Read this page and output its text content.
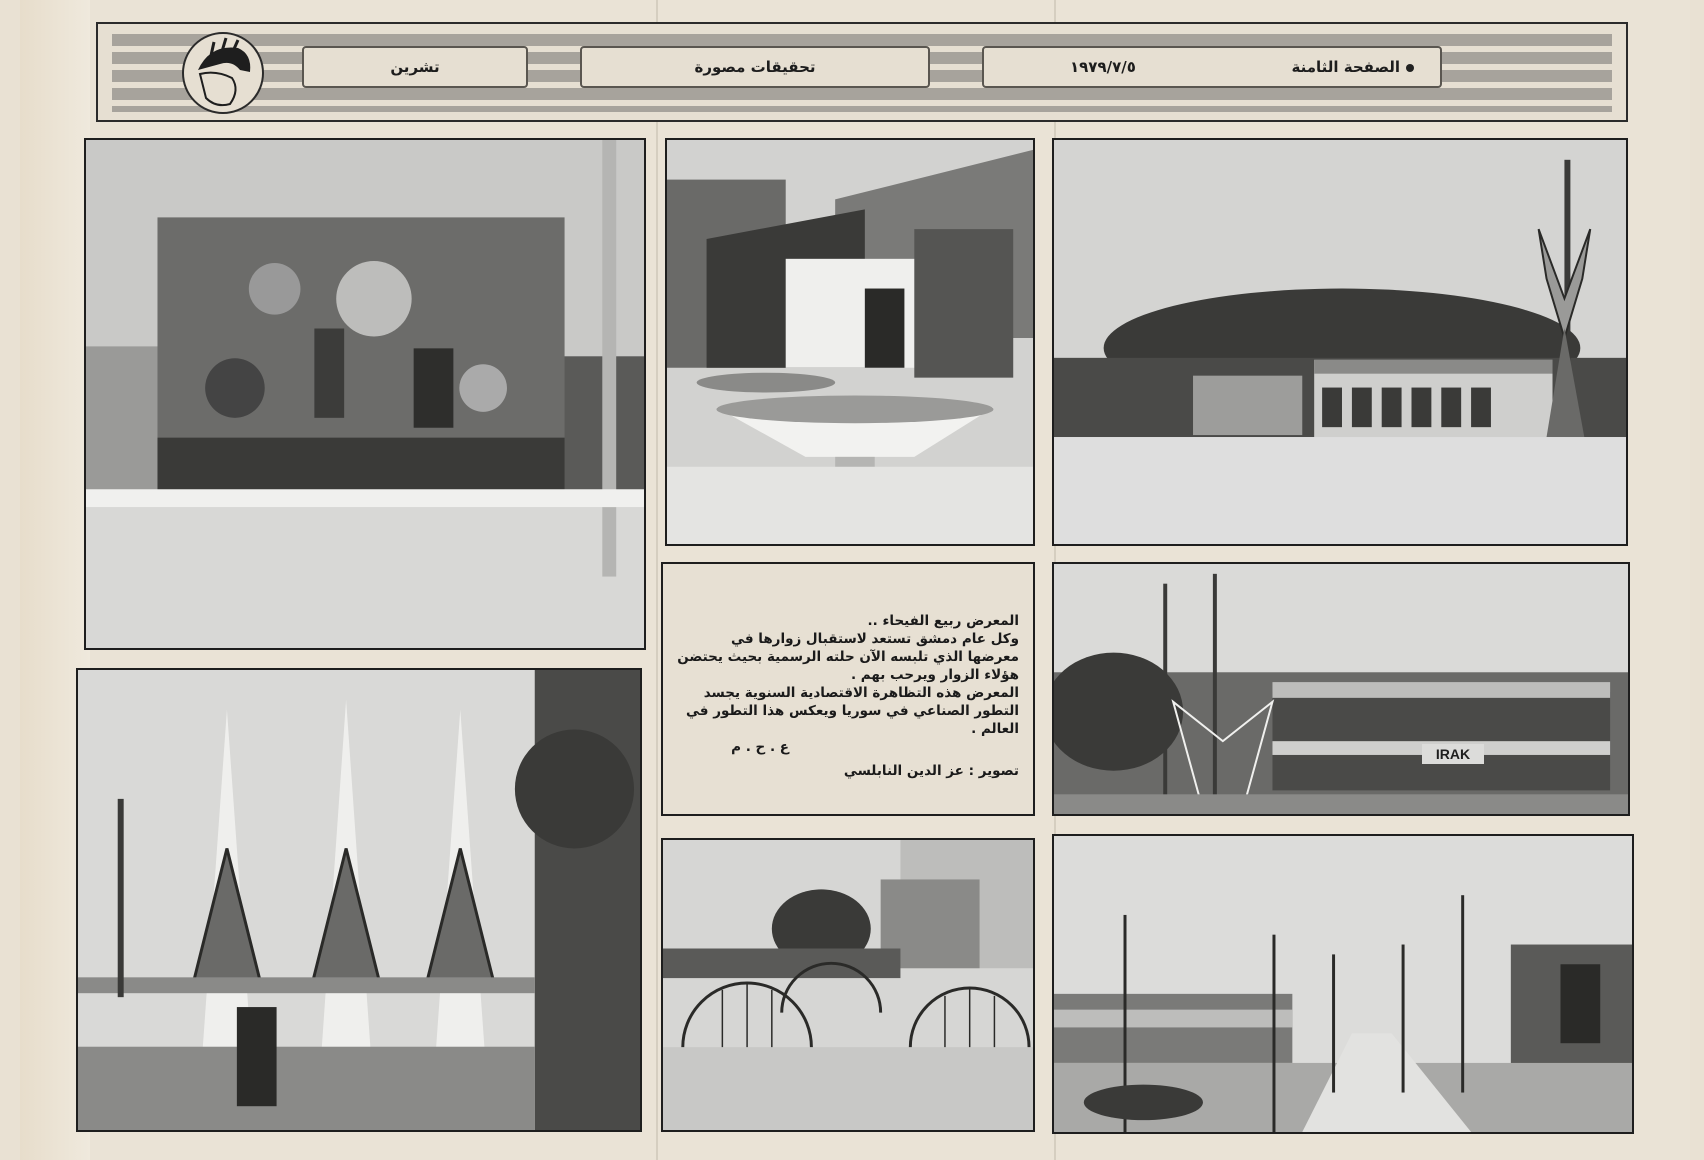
تشرين	تحقيقات مصورة	الصفحة الثامنة
١٩٧٩/٧/٥

المعرض ربيع الفيحاء ..

وكل عام دمشق تستعد لاستقبال زوارها في معرضها الذي تلبسه الآن حلته الرسمية بحيث يحتضن هؤلاء الزوار ويرحب بهم .

المعرض هذه التظاهرة الاقتصادية السنوية يجسد التطور الصناعي في سوريا ويعكس هذا التطور في العالم .

ع . ح . م

تصوير : عز الدين النابلسي

IRAK
